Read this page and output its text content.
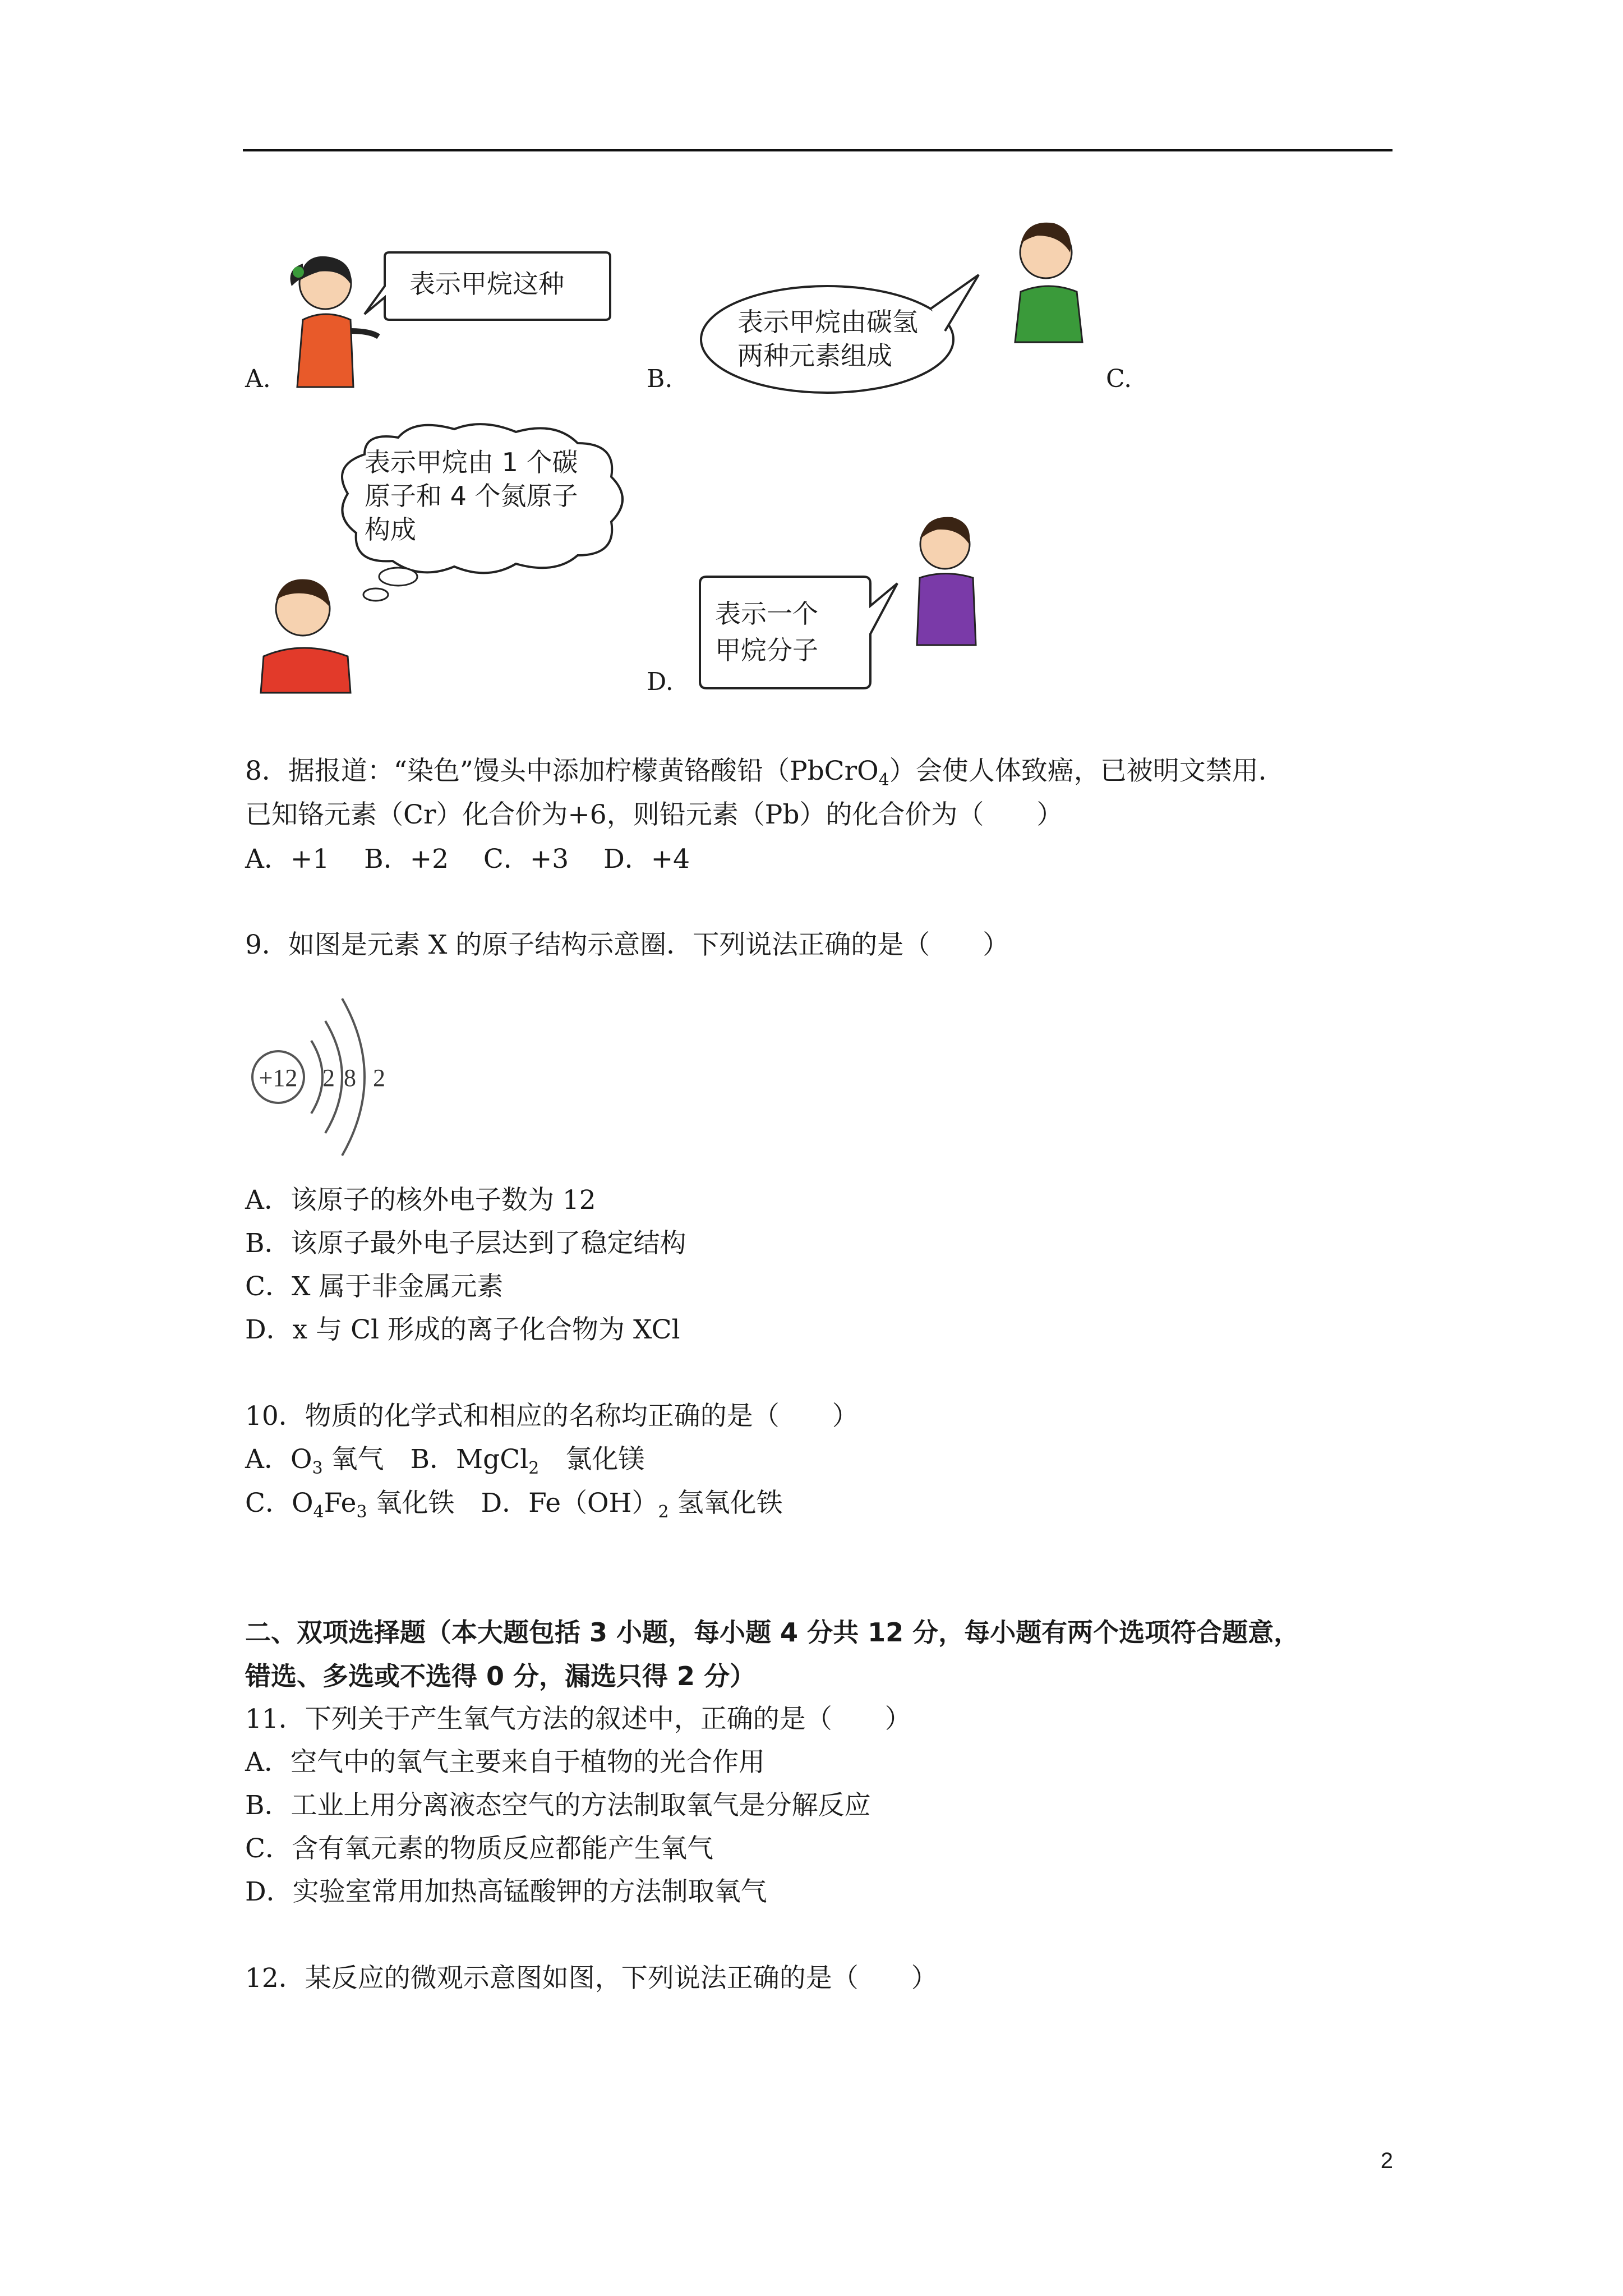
A.
表示甲烷这种
B.
表示甲烷由碳氢
两种元素组成
C.
表示甲烷由 1 个碳
原子和 4 个氮原子
构成
D.
表示一个
甲烷分子
8．据报道：“染色”馒头中添加柠檬黄铬酸铅（PbCrO$_4$）会使人体致癌，已被明文禁用．
已知铬元素（Cr）化合价为+6，则铅元素（Pb）的化合价为（　　）
A．+1　 B．+2　 C．+3　 D．+4
9．如图是元素 X 的原子结构示意圈．下列说法正确的是（　　）
+12 2 8 2
A．该原子的核外电子数为 12
B．该原子最外电子层达到了稳定结构
C．X 属于非金属元素
D．x 与 Cl 形成的离子化合物为 XCl
10．物质的化学式和相应的名称均正确的是（　　）
A．$O_3$ 氧气　B．MgCl$_2$　氯化镁
C．$O_4Fe_3$ 氧化铁　D．$Fe(OH)_2$ 氢氧化铁
二、双项选择题（本大题包括 3 小题，每小题 4 分共 12 分，每小题有两个选项符合题意，
错选、多选或不选得 0 分，漏选只得 2 分）
11．下列关于产生氧气方法的叙述中，正确的是（　　）
A．空气中的氧气主要来自于植物的光合作用
B．工业上用分离液态空气的方法制取氧气是分解反应
C．含有氧元素的物质反应都能产生氧气
D．实验室常用加热高锰酸钾的方法制取氧气
12．某反应的微观示意图如图，下列说法正确的是（　　）
2
